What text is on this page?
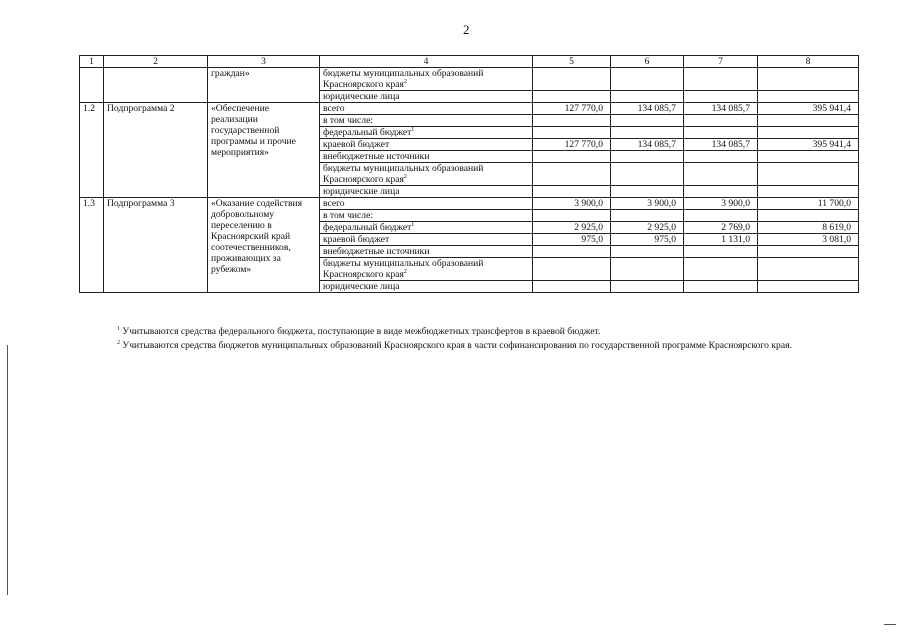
2
1	2	3	4	5	6	7	8
		граждан»	бюджеты муниципальных образований Красноярского края$^2$				
			юридические лица				
1.2	Подпрограмма 2	«Обеспечение реализации государственной программы и прочие мероприятия»	всего	127 770,0	134 085,7	134 085,7	395 941,4
			в том числе:				
			федеральный бюджет$^1$				
			краевой бюджет	127 770,0	134 085,7	134 085,7	395 941,4
			внебюджетные источники				
			бюджеты муниципальных образований Красноярского края$^2$				
			юридические лица				
1.3	Подпрограмма 3	«Оказание содействия добровольному переселению в Красноярский край соотечественников, проживающих за рубежом»	всего	3 900,0	3 900,0	3 900,0	11 700,0
			в том числе:				
			федеральный бюджет$^1$	2 925,0	2 925,0	2 769,0	8 619,0
			краевой бюджет	975,0	975,0	1 131,0	3 081,0
			внебюджетные источники				
			бюджеты муниципальных образований Красноярского края$^2$				
			юридические лица				
$^1$ Учитываются средства федерального бюджета, поступающие в виде межбюджетных трансфертов в краевой бюджет.
$^2$ Учитываются средства бюджетов муниципальных образований Красноярского края в части софинансирования по государственной программе Красноярского края.
